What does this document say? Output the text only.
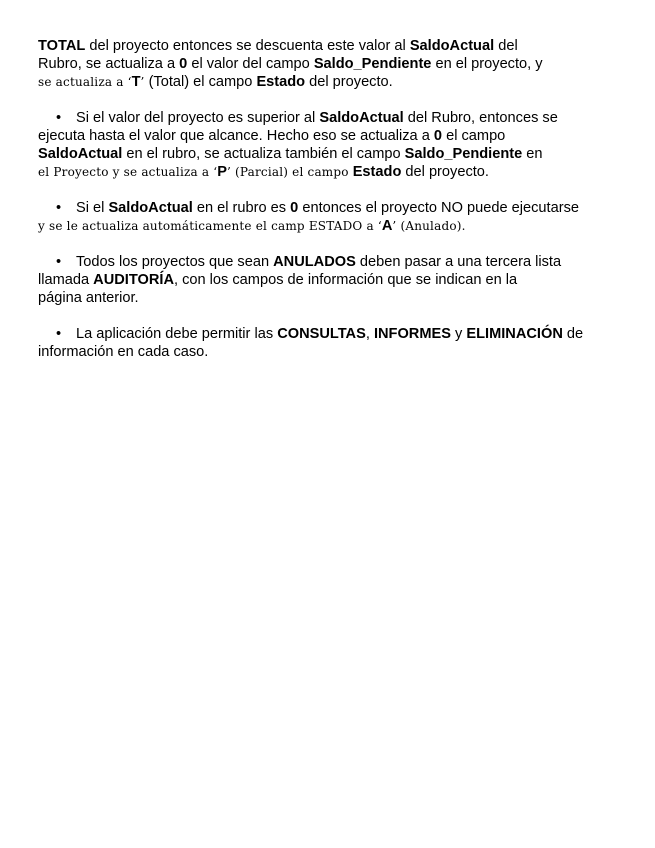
TOTAL del proyecto entonces se descuenta este valor al SaldoActual del
Rubro, se actualiza a 0 el valor del campo Saldo_Pendiente en el proyecto, y
se actualiza a ‘T’ (Total) el campo Estado del proyecto.
• Si el valor del proyecto es superior al SaldoActual del Rubro, entonces se
ejecuta hasta el valor que alcance. Hecho eso se actualiza a 0 el campo
SaldoActual en el rubro, se actualiza también el campo Saldo_Pendiente en
el Proyecto y se actualiza a ‘P’ (Parcial) el campo Estado del proyecto.
• Si el SaldoActual en el rubro es 0 entonces el proyecto NO puede ejecutarse
y se le actualiza automáticamente el camp ESTADO a ‘A’ (Anulado).
• Todos los proyectos que sean ANULADOS deben pasar a una tercera lista
llamada AUDITORÍA, con los campos de información que se indican en la
página anterior.
• La aplicación debe permitir las CONSULTAS, INFORMES y ELIMINACIÓN de
información en cada caso.
